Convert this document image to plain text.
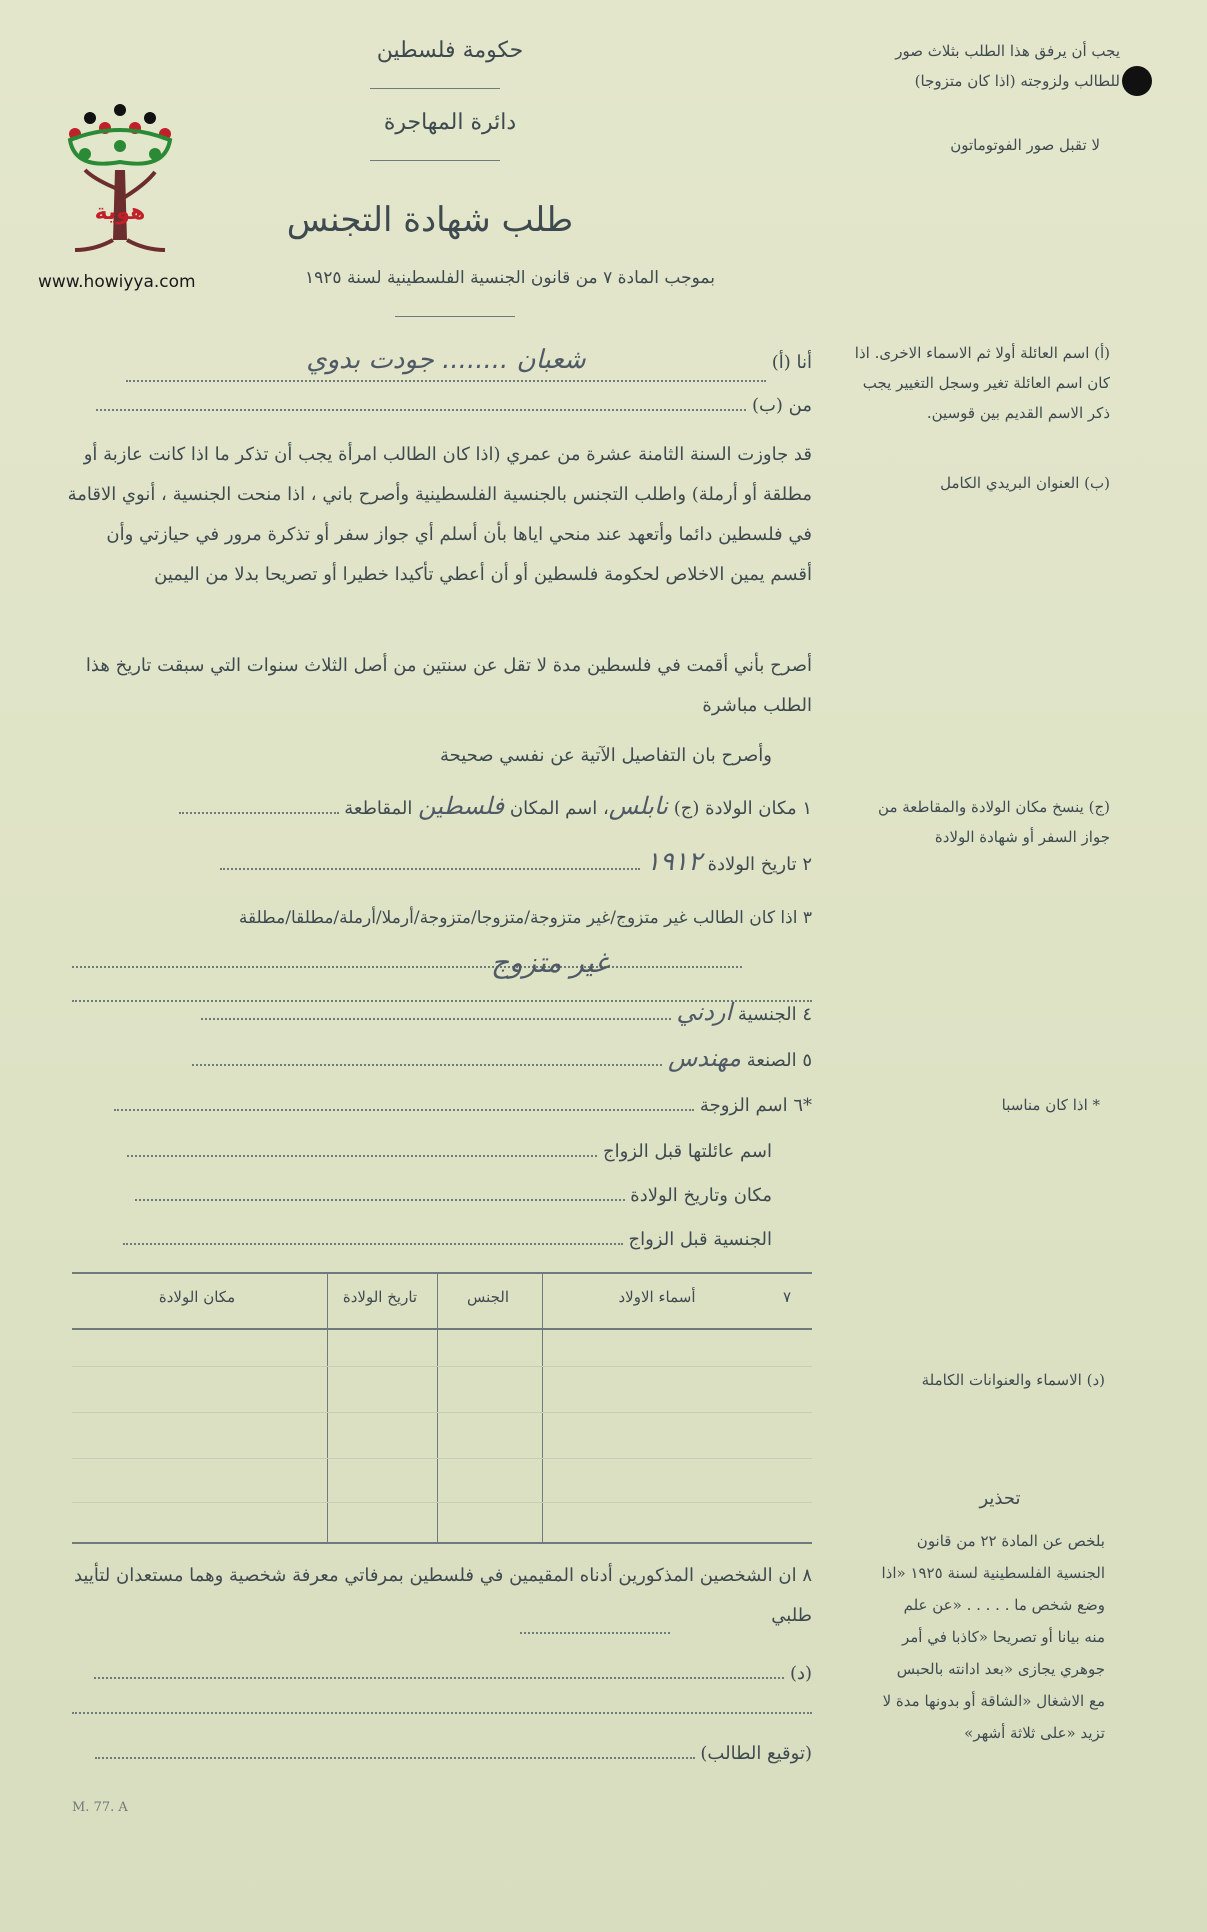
هوية
www.howiyya.com
حكومة فلسطين
دائرة المهاجرة
طلب شهادة التجنس
بموجب المادة ٧ من قانون الجنسية الفلسطينية لسنة ١٩٢٥
يجب أن يرفق هذا الطلب بثلاث صور للطالب ولزوجته (اذا كان متزوجا)
لا تقبل صور الفوتوماتون
(أ) اسم العائلة أولا ثم الاسماء الاخرى. اذا كان اسم العائلة تغير وسجل التغيير يجب ذكر الاسم القديم بين قوسين.
(ب) العنوان البريدي الكامل
(ج) ينسخ مكان الولادة والمقاطعة من جواز السفر أو شهادة الولادة
* اذا كان مناسبا
(د) الاسماء والعنوانات الكاملة
تحذير
بلخص عن المادة ٢٢ من قانون الجنسية الفلسطينية لسنة ١٩٢٥ «اذا وضع شخص ما . . . . . «عن علم منه بيانا أو تصريحا «كاذبا في أمر جوهري يجازى «بعد ادانته بالحبس مع الاشغال «الشاقة أو بدونها مدة لا تزيد «على ثلاثة أشهر»
أنا (أ) شعبان ........ جودت بدوي
من (ب)
قد جاوزت السنة الثامنة عشرة من عمري (اذا كان الطالب امرأة يجب أن تذكر ما اذا كانت عازبة أو مطلقة أو أرملة) واطلب التجنس بالجنسية الفلسطينية وأصرح باني ، اذا منحت الجنسية ، أنوي الاقامة في فلسطين دائما وأتعهد عند منحي اياها بأن أسلم أي جواز سفر أو تذكرة مرور في حيازتي وأن أقسم يمين الاخلاص لحكومة فلسطين أو أن أعطي تأكيدا خطيرا أو تصريحا بدلا من اليمين
أصرح بأني أقمت في فلسطين مدة لا تقل عن سنتين من أصل الثلاث سنوات التي سبقت تاريخ هذا الطلب مباشرة
وأصرح بان التفاصيل الآتية عن نفسي صحيحة
١ مكان الولادة (ج) نابلس، اسم المكان فلسطين المقاطعة
٢ تاريخ الولادة ١٩١٢
٣ اذا كان الطالب غير متزوج/غير متزوجة/متزوجا/متزوجة/أرملا/أرملة/مطلقا/مطلقة
غير متزوج
٤ الجنسية اردني
٥ الصنعة مهندس
*٦ اسم الزوجة
اسم عائلتها قبل الزواج
مكان وتاريخ الولادة
الجنسية قبل الزواج
٧
أسماء الاولاد
الجنس
تاريخ الولادة
مكان الولادة
٨ ان الشخصين المذكورين أدناه المقيمين في فلسطين بمرفاتي معرفة شخصية وهما مستعدان لتأييد طلبي
(د)
(توقيع الطالب)
M. 77. A
